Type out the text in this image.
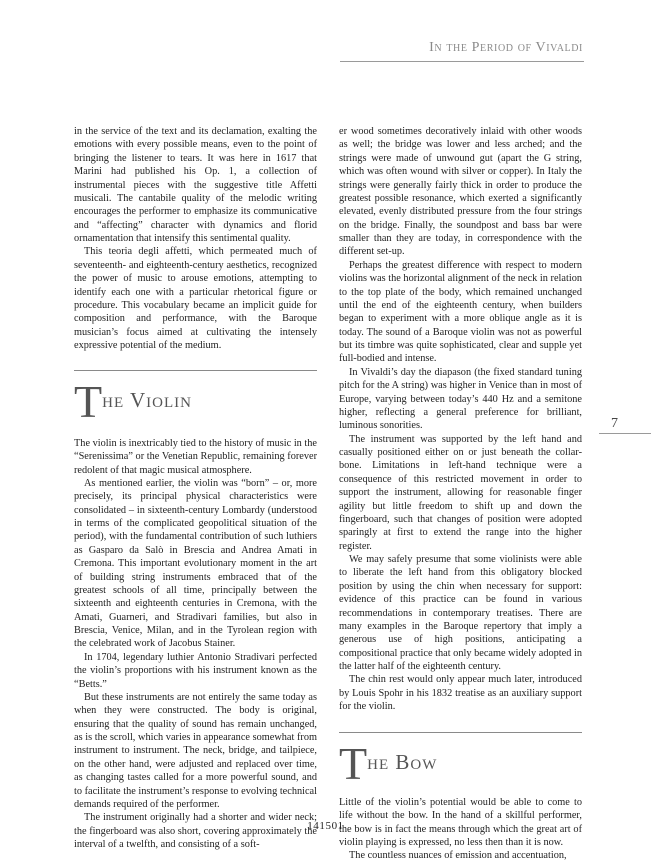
In the Period of Vivaldi

in the service of the text and its declamation, exalting the emotions with every possible means, even to the point of bringing the listener to tears. It was here in 1617 that Marini had published his Op. 1, a collection of instrumental pieces with the suggestive title Affetti musicali. The cantabile quality of the melodic writing encourages the performer to emphasize its communicative and “affecting” character with dynamics and florid ornamentation that intensify this sentimental quality.

This teoria degli affetti, which permeated much of seventeenth- and eighteenth-century aesthetics, recognized the power of music to arouse emotions, attempting to identify each one with a particular rhetorical figure or procedure. This vocabulary became an implicit guide for composition and performance, with the Baroque musician’s focus aimed at cultivating the intensely expressive potential of the medium.

T he Violin

The violin is inextricably tied to the history of music in the “Serenissima” or the Venetian Republic, remaining forever redolent of that magic musical atmosphere.

As mentioned earlier, the violin was “born” – or, more precisely, its principal physical characteristics were consolidated – in sixteenth-century Lombardy (understood in terms of the complicated geopolitical situation of the period), with the fundamental contribution of such luthiers as Gasparo da Salò in Brescia and Andrea Amati in Cremona. This important evolutionary moment in the art of building string instruments embraced that of the greatest schools of all time, principally between the sixteenth and eighteenth centuries in Cremona, with the Amati, Guarneri, and Stradivari families, but also in Brescia, Venice, Milan, and in the Tyrolean region with the celebrated work of Jacobus Stainer.

In 1704, legendary luthier Antonio Stradivari perfected the violin’s proportions with his instrument known as the “Betts.”

But these instruments are not entirely the same today as when they were constructed. The body is original, ensuring that the quality of sound has remain unchanged, as is the scroll, which varies in appearance somewhat from instrument to instrument. The neck, bridge, and tailpiece, on the other hand, were adjusted and replaced over time, as changing tastes called for a more powerful sound, and to facilitate the instrument’s response to evolving technical demands required of the performer.

The instrument originally had a shorter and wider neck; the fingerboard was also short, covering approximately the interval of a twelfth, and consisting of a soft-

er wood sometimes decoratively inlaid with other woods as well; the bridge was lower and less arched; and the strings were made of unwound gut (apart the G string, which was often wound with silver or copper). In Italy the strings were generally fairly thick in order to produce the greatest possible resonance, which exerted a significantly elevated, evenly distributed pressure from the four strings on the bridge. Finally, the soundpost and bass bar were smaller than they are today, in correspondence with the different set-up.

Perhaps the greatest difference with respect to modern violins was the horizontal alignment of the neck in relation to the top plate of the body, which remained unchanged until the end of the eighteenth century, when builders began to experiment with a more oblique angle as it is today. The sound of a Baroque violin was not as powerful but its timbre was quite sophisticated, clear and supple yet full-bodied and intense.

In Vivaldi’s day the diapason (the fixed standard tuning pitch for the A string) was higher in Venice than in most of Europe, varying between today’s 440 Hz and a semitone higher, reflecting a general preference for brilliant, luminous sonorities.

The instrument was supported by the left hand and casually positioned either on or just beneath the collar-bone. Limitations in left-hand technique were a consequence of this restricted movement in order to support the instrument, allowing for reasonable finger agility but little freedom to shift up and down the fingerboard, such that changes of position were adopted sparingly at first to extend the range into the higher register.

We may safely presume that some violinists were able to liberate the left hand from this obligatory blocked position by using the chin when necessary for support: evidence of this practice can be found in various recommendations in contemporary treatises. There are many examples in the Baroque repertory that imply a generous use of high positions, anticipating a compositional practice that only became widely adopted in the latter half of the eighteenth century.

The chin rest would only appear much later, introduced by Louis Spohr in his 1832 treatise as an auxiliary support for the violin.

T he Bow

Little of the violin’s potential would be able to come to life without the bow. In the hand of a skillful performer, the bow is in fact the means through which the great art of violin playing is expressed, no less then than it is now.

The countless nuances of emission and accentuation,

7
141501
